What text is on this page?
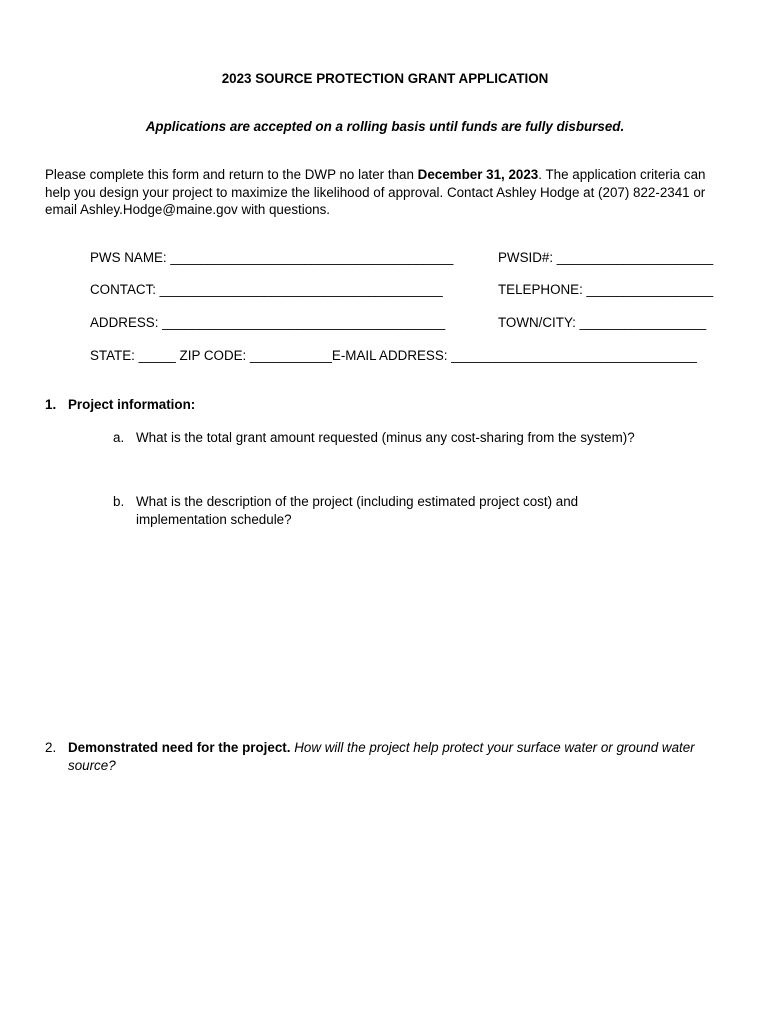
2023 SOURCE PROTECTION GRANT APPLICATION
Applications are accepted on a rolling basis until funds are fully disbursed.
Please complete this form and return to the DWP no later than December 31, 2023. The application criteria can help you design your project to maximize the likelihood of approval. Contact Ashley Hodge at (207) 822-2341 or email Ashley.Hodge@maine.gov with questions.
PWS NAME: ______________________________________	PWSID#: _____________________
CONTACT: ______________________________________	TELEPHONE: _________________
ADDRESS: ______________________________________	TOWN/CITY: _________________
STATE: _____ ZIP CODE: ___________E-MAIL ADDRESS: _________________________________
1. Project information:
a. What is the total grant amount requested (minus any cost-sharing from the system)?
b. What is the description of the project (including estimated project cost) and implementation schedule?
2. Demonstrated need for the project. How will the project help protect your surface water or ground water source?
